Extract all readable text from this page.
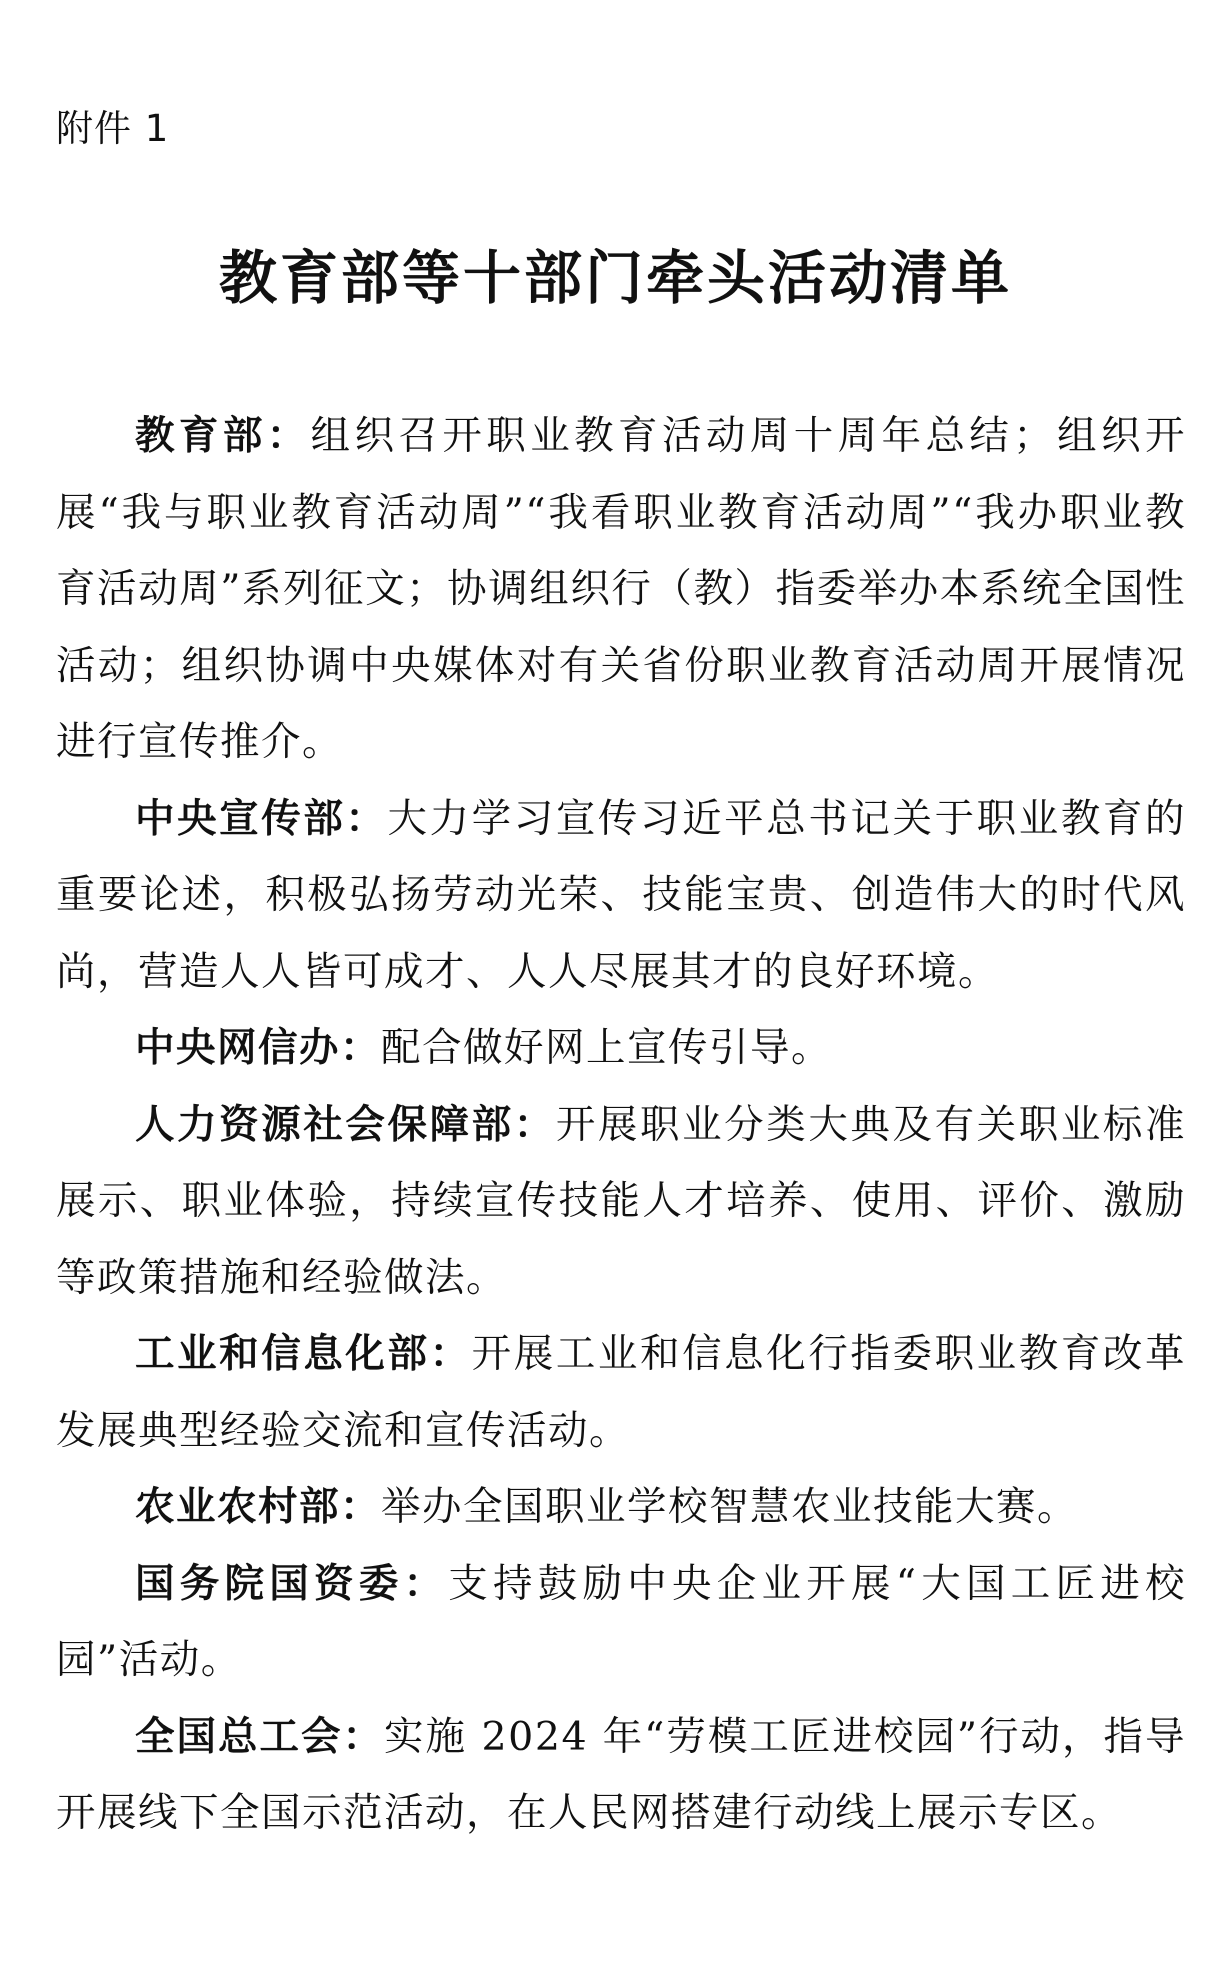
附件 1
教育部等十部门牵头活动清单

教育部：组织召开职业教育活动周十周年总结；组织开展“我与职业教育活动周”“我看职业教育活动周”“我办职业教育活动周”系列征文；协调组织行（教）指委举办本系统全国性活动；组织协调中央媒体对有关省份职业教育活动周开展情况进行宣传推介。

中央宣传部：大力学习宣传习近平总书记关于职业教育的重要论述，积极弘扬劳动光荣、技能宝贵、创造伟大的时代风尚，营造人人皆可成才、人人尽展其才的良好环境。

中央网信办：配合做好网上宣传引导。

人力资源社会保障部：开展职业分类大典及有关职业标准展示、职业体验，持续宣传技能人才培养、使用、评价、激励等政策措施和经验做法。

工业和信息化部：开展工业和信息化行指委职业教育改革发展典型经验交流和宣传活动。

农业农村部：举办全国职业学校智慧农业技能大赛。

国务院国资委：支持鼓励中央企业开展“大国工匠进校园”活动。

全国总工会：实施 2024 年“劳模工匠进校园”行动，指导开展线下全国示范活动，在人民网搭建行动线上展示专区。
